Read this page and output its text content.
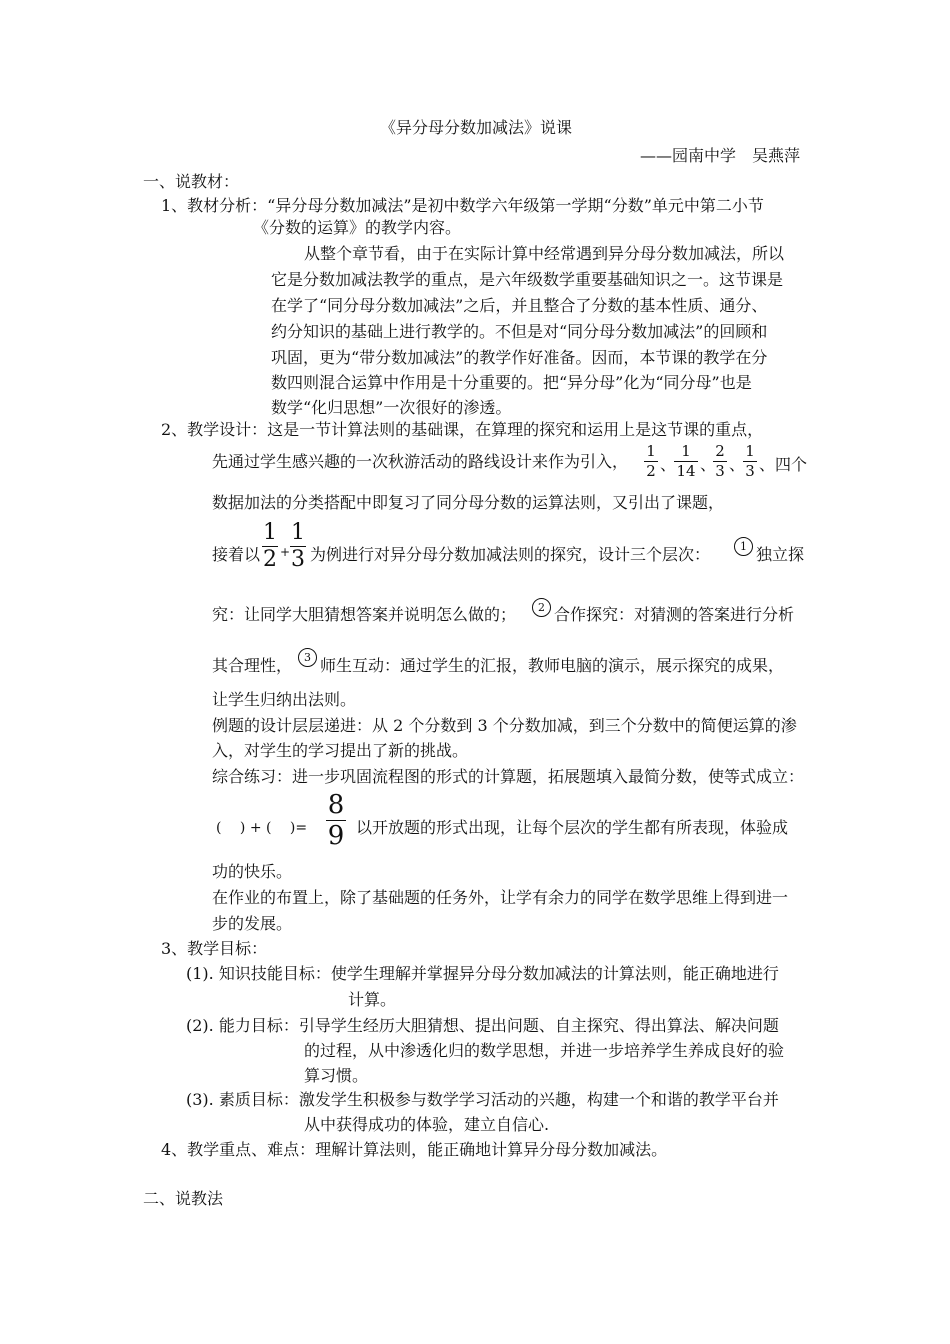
《异分母分数加减法》说课
——园南中学　吴燕萍
一、说教材：
1、教材分析：“异分母分数加减法”是初中数学六年级第一学期“分数”单元中第二小节
《分数的运算》的教学内容。
从整个章节看，由于在实际计算中经常遇到异分母分数加减法，所以
它是分数加减法教学的重点，是六年级数学重要基础知识之一。这节课是
在学了“同分母分数加减法”之后，并且整合了分数的基本性质、通分、
约分知识的基础上进行教学的。不但是对“同分母分数加减法”的回顾和
巩固，更为“带分数加减法”的教学作好准备。因而，本节课的教学在分
数四则混合运算中作用是十分重要的。把“异分母”化为“同分母”也是
数学“化归思想”一次很好的渗透。
2、教学设计：这是一节计算法则的基础课，在算理的探究和运用上是这节课的重点，
先通过学生感兴趣的一次秋游活动的路线设计来作为引入，
1
2 、
1
14 、
2
3 、
1
3 、四个
数据加法的分类搭配中即复习了同分母分数的运算法则，又引出了课题，
接着以
1
2 +
1
3 为例进行对异分母分数加减法则的探究，设计三个层次：	1 独立探
究：让同学大胆猜想答案并说明怎么做的；	2 合作探究：对猜测的答案进行分析
其合理性，	3 师生互动：通过学生的汇报，教师电脑的演示，展示探究的成果，
让学生归纳出法则。
例题的设计层层递进：从 2 个分数到 3 个分数加减，到三个分数中的简便运算的渗
入，对学生的学习提出了新的挑战。
综合练习：进一步巩固流程图的形式的计算题，拓展题填入最简分数，使等式成立：
(　 ) + (　 )=
8
9 以开放题的形式出现，让每个层次的学生都有所表现，体验成
功的快乐。
在作业的布置上，除了基础题的任务外，让学有余力的同学在数学思维上得到进一
步的发展。
3、教学目标：
(1). 知识技能目标：使学生理解并掌握异分母分数加减法的计算法则，能正确地进行
计算。
(2). 能力目标：引导学生经历大胆猜想、提出问题、自主探究、得出算法、解决问题
的过程，从中渗透化归的数学思想，并进一步培养学生养成良好的验
算习惯。
(3). 素质目标：激发学生积极参与数学学习活动的兴趣，构建一个和谐的教学平台并
从中获得成功的体验，建立自信心.
4、教学重点、难点：理解计算法则，能正确地计算异分母分数加减法。
二、说教法
